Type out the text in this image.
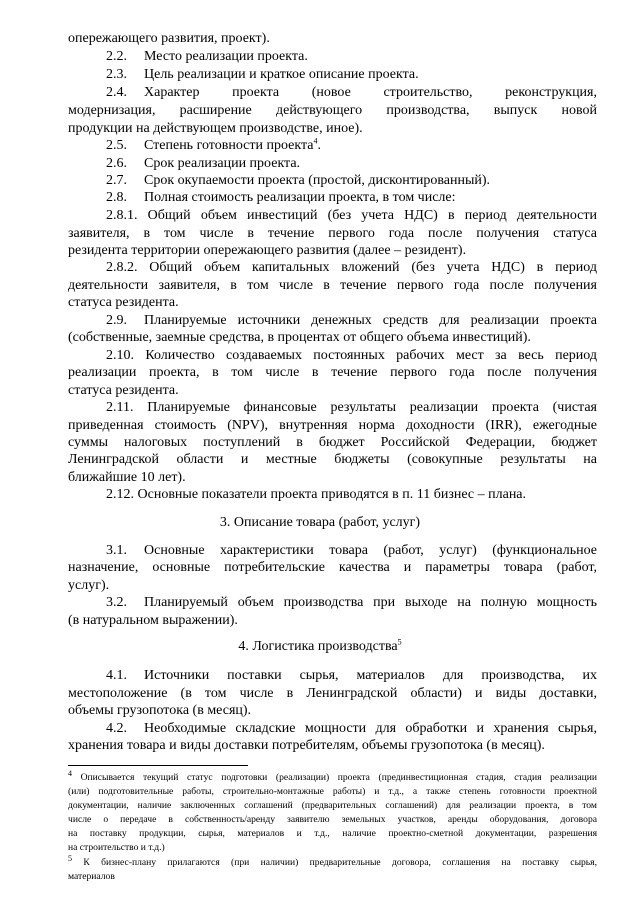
опережающего развития, проект).

2.2. Место реализации проекта.

2.3. Цель реализации и краткое описание проекта.

2.4. Характер проекта (новое строительство, реконструкция,

модернизация, расширение действующего производства, выпуск новой

продукции на действующем производстве, иное).

2.5. Степень готовности проекта$^4$.

2.6. Срок реализации проекта.

2.7. Срок окупаемости проекта (простой, дисконтированный).

2.8. Полная стоимость реализации проекта, в том числе:

2.8.1. Общий объем инвестиций (без учета НДС) в период деятельности

заявителя, в том числе в течение первого года после получения статуса

резидента территории опережающего развития (далее – резидент).

2.8.2. Общий объем капитальных вложений (без учета НДС) в период

деятельности заявителя, в том числе в течение первого года после получения

статуса резидента.

2.9. Планируемые источники денежных средств для реализации проекта

(собственные, заемные средства, в процентах от общего объема инвестиций).

2.10. Количество создаваемых постоянных рабочих мест за весь период

реализации проекта, в том числе в течение первого года после получения

статуса резидента.

2.11. Планируемые финансовые результаты реализации проекта (чистая

приведенная стоимость (NPV), внутренняя норма доходности (IRR), ежегодные

суммы налоговых поступлений в бюджет Российской Федерации, бюджет

Ленинградской области и местные бюджеты (совокупные результаты на

ближайшие 10 лет).

2.12. Основные показатели проекта приводятся в п. 11 бизнес – плана.

3. Описание товара (работ, услуг)

3.1. Основные характеристики товара (работ, услуг) (функциональное

назначение, основные потребительские качества и параметры товара (работ,

услуг).

3.2. Планируемый объем производства при выходе на полную мощность

(в натуральном выражении).

4. Логистика производства$^5$

4.1. Источники поставки сырья, материалов для производства, их

местоположение (в том числе в Ленинградской области) и виды доставки,

объемы грузопотока (в месяц).

4.2. Необходимые складские мощности для обработки и хранения сырья,

хранения товара и виды доставки потребителям, объемы грузопотока (в месяц).

$^4$ Описывается текущий статус подготовки (реализации) проекта (прединвестиционная стадия, стадия реализации

(или) подготовительные работы, строительно-монтажные работы) и т.д., а также степень готовности проектной

документации, наличие заключенных соглашений (предварительных соглашений) для реализации проекта, в том

числе о передаче в собственность/аренду заявителю земельных участков, аренды оборудования, договора

на поставку продукции, сырья, материалов и т.д., наличие проектно-сметной документации, разрешения

на строительство и т.д.)

$^5$ К бизнес-плану прилагаются (при наличии) предварительные договора, соглашения на поставку сырья,

материалов
